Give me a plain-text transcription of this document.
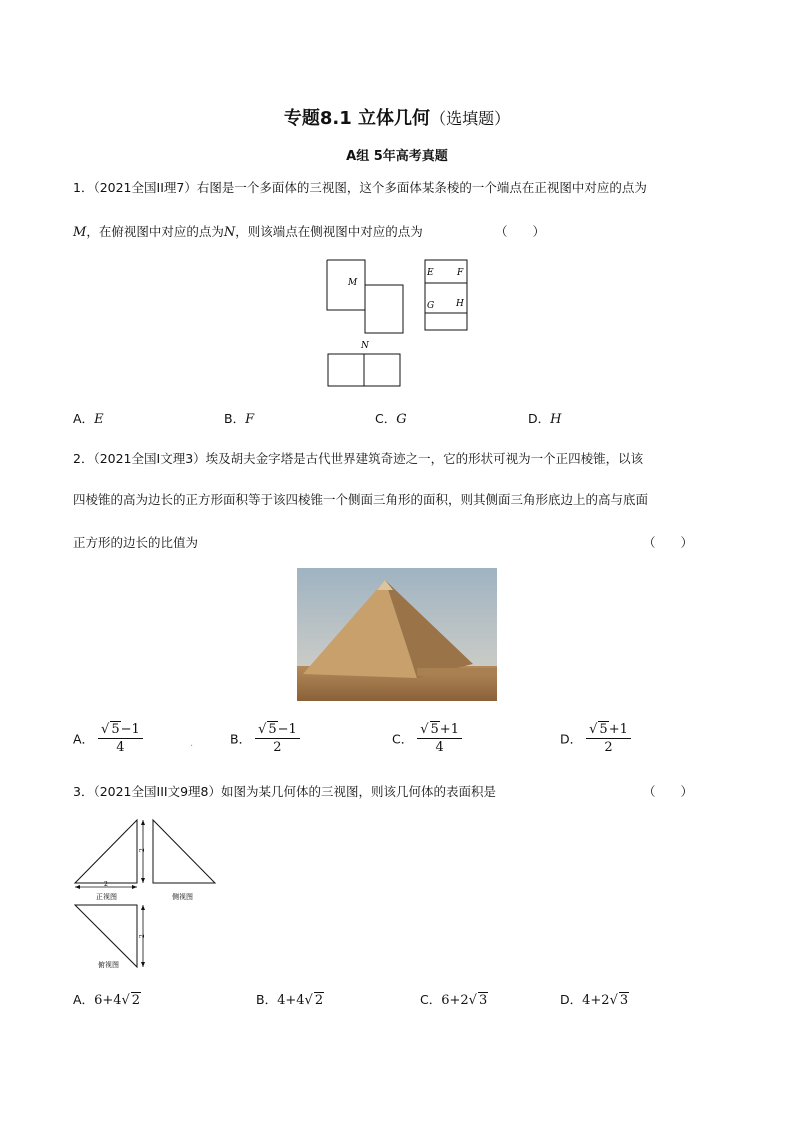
专题8.1 立体几何（选填题）
A组 5年高考真题
1．（2021全国II理7）右图是一个多面体的三视图，这个多面体某条棱的一个端点在正视图中对应的点为
M，在俯视图中对应的点为N，则该端点在侧视图中对应的点为	（　　）
M
E	F
G H
N
A．E	B．F	C．G	D．H
2．（2021全国I文理3）埃及胡夫金字塔是古代世界建筑奇迹之一，它的形状可视为一个正四棱锥，以该
四棱锥的高为边长的正方形面积等于该四棱锥一个侧面三角形的面积，则其侧面三角形底边上的高与底面
正方形的边长的比值为	（　　）
A． $\frac{√ 5-1}{4}$	.	B． $\frac{√ 5-1}{2}$	C． $\frac{√ 5+1}{4}$	D． $\frac{√ 5+1}{2}$
3．（2021全国III文9理8）如图为某几何体的三视图，则该几何体的表面积是	（　　）
2
2
正视图	侧视图
2
俯视图
A．6+4√ 2	B．4+4√ 2	C．6+2√ 3	D．4+2√ 3
